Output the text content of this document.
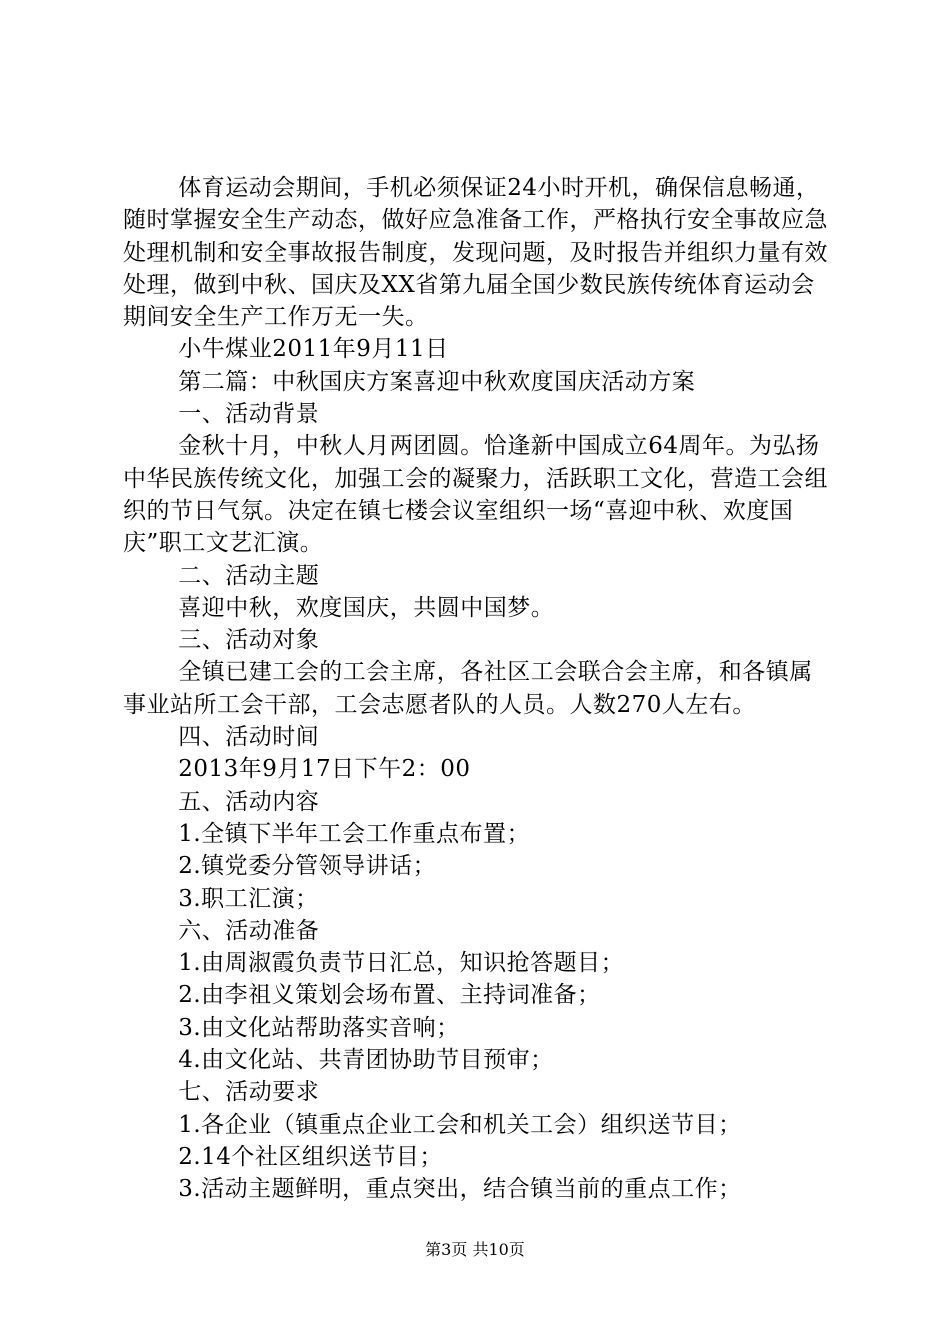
体育运动会期间，手机必须保证24小时开机，确保信息畅通，随时掌握安全生产动态，做好应急准备工作，严格执行安全事故应急处理机制和安全事故报告制度，发现问题，及时报告并组织力量有效处理，做到中秋、国庆及XX省第九届全国少数民族传统体育运动会期间安全生产工作万无一失。

小牛煤业2011年9月11日

第二篇：中秋国庆方案喜迎中秋欢度国庆活动方案

一、活动背景

金秋十月，中秋人月两团圆。恰逢新中国成立64周年。为弘扬中华民族传统文化，加强工会的凝聚力，活跃职工文化，营造工会组织的节日气氛。决定在镇七楼会议室组织一场“喜迎中秋、欢度国庆”职工文艺汇演。

二、活动主题

喜迎中秋，欢度国庆，共圆中国梦。

三、活动对象

全镇已建工会的工会主席，各社区工会联合会主席，和各镇属事业站所工会干部，工会志愿者队的人员。人数270人左右。

四、活动时间

2013年9月17日下午2：00

五、活动内容

1.全镇下半年工会工作重点布置；

2.镇党委分管领导讲话；

3.职工汇演；

六、活动准备

1.由周淑霞负责节日汇总，知识抢答题目；

2.由李祖义策划会场布置、主持词准备；

3.由文化站帮助落实音响；

4.由文化站、共青团协助节目预审；

七、活动要求

1.各企业（镇重点企业工会和机关工会）组织送节目；

2.14个社区组织送节目；

3.活动主题鲜明，重点突出，结合镇当前的重点工作；

第3页 共10页
